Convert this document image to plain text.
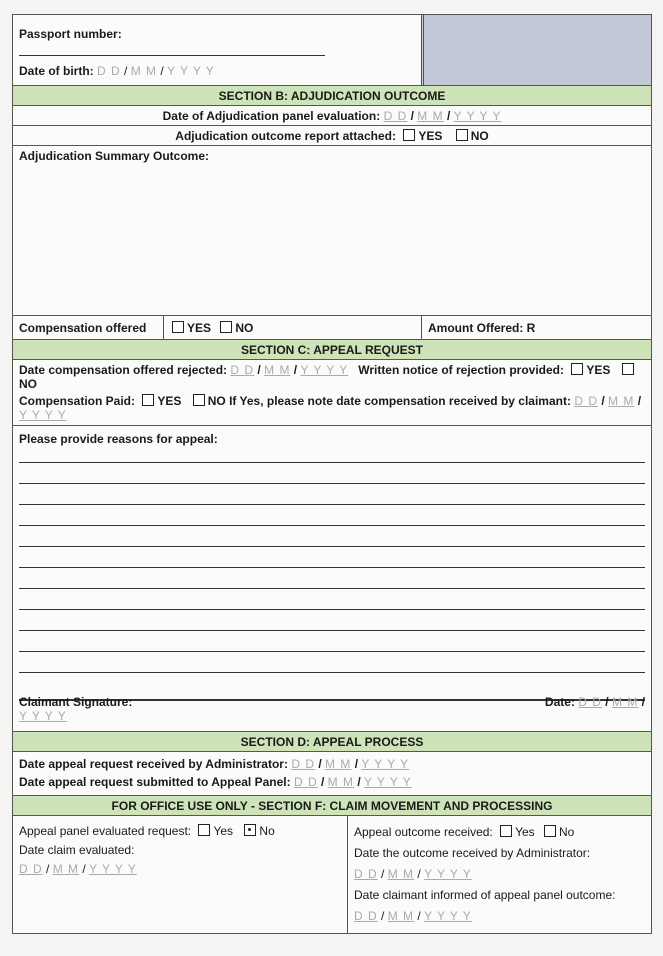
Passport number:
Date of birth: D D / M M / Y Y Y Y
SECTION B: ADJUDICATION OUTCOME
Date of Adjudication panel evaluation: D D / M M / Y Y Y Y
Adjudication outcome report attached: YES NO
Adjudication Summary Outcome:
Compensation offered	YES NO	Amount Offered: R
SECTION C: APPEAL REQUEST
Date compensation offered rejected: D D / M M / Y Y Y Y Written notice of rejection provided: YES
NO
Compensation Paid: YES NO If Yes, please note date compensation received by claimant: D D / M M /
Y Y Y Y
Please provide reasons for appeal:
Claimant Signature:
Y Y Y Y
Date: D D / M M /
SECTION D: APPEAL PROCESS
Date appeal request received by Administrator: D D / M M / Y Y Y Y
Date appeal request submitted to Appeal Panel: D D / M M / Y Y Y Y
FOR OFFICE USE ONLY - SECTION F: CLAIM MOVEMENT AND PROCESSING
Appeal panel evaluated request: Yes No
Date claim evaluated:
D D / M M / Y Y Y Y
Appeal outcome received: Yes No
Date the outcome received by Administrator:
D D / M M / Y Y Y Y
Date claimant informed of appeal panel outcome:
D D / M M / Y Y Y Y
